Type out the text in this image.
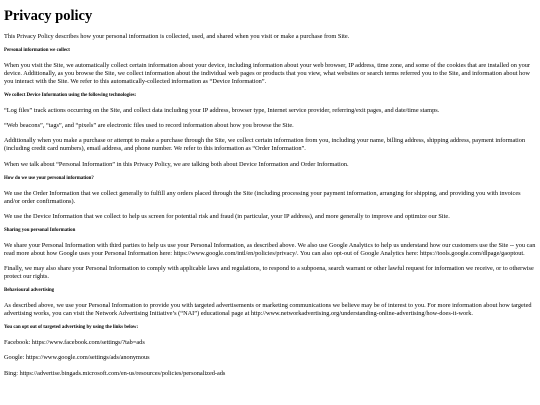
Privacy policy

This Privacy Policy describes how your personal information is collected, used, and shared when you visit or make a purchase from Site.

Personal information we collect

When you visit the Site, we automatically collect certain information about your device, including information about your web browser, IP address, time zone, and some of the cookies that are installed on your device. Additionally, as you browse the Site, we collect information about the individual web pages or products that you view, what websites or search terms referred you to the Site, and information about how you interact with the Site. We refer to this automatically-collected information as “Device Information”.

We collect Device Information using the following technologies:

“Log files” track actions occurring on the Site, and collect data including your IP address, browser type, Internet service provider, referring/exit pages, and date/time stamps.

“Web beacons”, “tags”, and “pixels” are electronic files used to record information about how you browse the Site.

Additionally when you make a purchase or attempt to make a purchase through the Site, we collect certain information from you, including your name, billing address, shipping address, payment information (including credit card numbers), email address, and phone number. We refer to this information as “Order Information”.

When we talk about “Personal Information” in this Privacy Policy, we are talking both about Device Information and Order Information.

How do we use your personal information?

We use the Order Information that we collect generally to fulfill any orders placed through the Site (including processing your payment information, arranging for shipping, and providing you with invoices and/or order confirmations).

We use the Device Information that we collect to help us screen for potential risk and fraud (in particular, your IP address), and more generally to improve and optimize our Site.

Sharing you personal Information

We share your Personal Information with third parties to help us use your Personal Information, as described above. We also use Google Analytics to help us understand how our customers use the Site -- you can read more about how Google uses your Personal Information here: https://www.google.com/intl/en/policies/privacy/. You can also opt-out of Google Analytics here: https://tools.google.com/dlpage/gaoptout.

Finally, we may also share your Personal Information to comply with applicable laws and regulations, to respond to a subpoena, search warrant or other lawful request for information we receive, or to otherwise protect our rights.

Behavioural advertising

As described above, we use your Personal Information to provide you with targeted advertisements or marketing communications we believe may be of interest to you. For more information about how targeted advertising works, you can visit the Network Advertising Initiative’s (“NAI”) educational page at http://www.networkadvertising.org/understanding-online-advertising/how-does-it-work.

You can opt out of targeted advertising by using the links below:

Facebook: https://www.facebook.com/settings/?tab=ads

Google: https://www.google.com/settings/ads/anonymous

Bing: https://advertise.bingads.microsoft.com/en-us/resources/policies/personalized-ads
